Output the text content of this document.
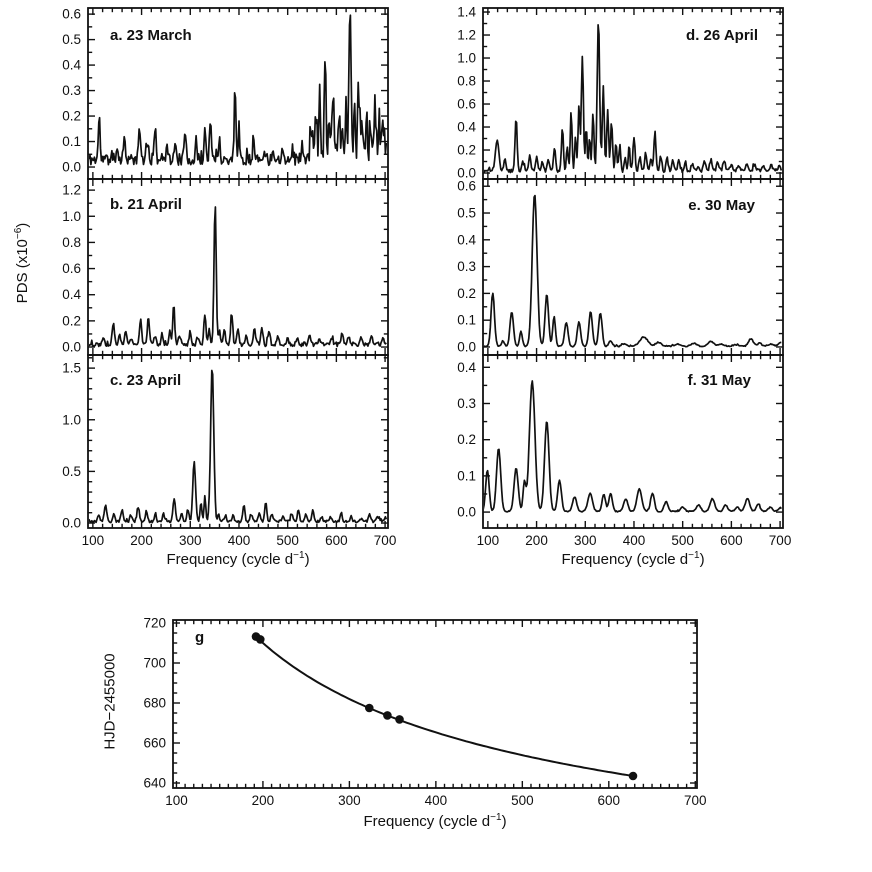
0.0
0.1
0.2
0.3
0.4
0.5
0.6
0.0
0.2
0.4
0.6
0.8
1.0
1.2
0.0
0.5
1.0
1.5
100 200 300 400 500 600 700
0.0
0.2
0.4
0.6
0.8
1.0
1.2
1.4
0.0
0.1
0.2
0.3
0.4
0.5
0.6
0.0
0.1
0.2
0.3
0.4
100 200 300 400 500 600 700
640
660
680
700
720
100	200	300	400	500	600	700
a. 23 March
b. 21 April
c. 23 April
d. 26 April
e. 30 May
f. 31 May
g
Frequency (cycle $d^{-1}$)	Frequency (cycle $d^{-1}$)
Frequency (cycle $d^{-1}$)
PDS $(x10^{-6})$
HJD−2455000
